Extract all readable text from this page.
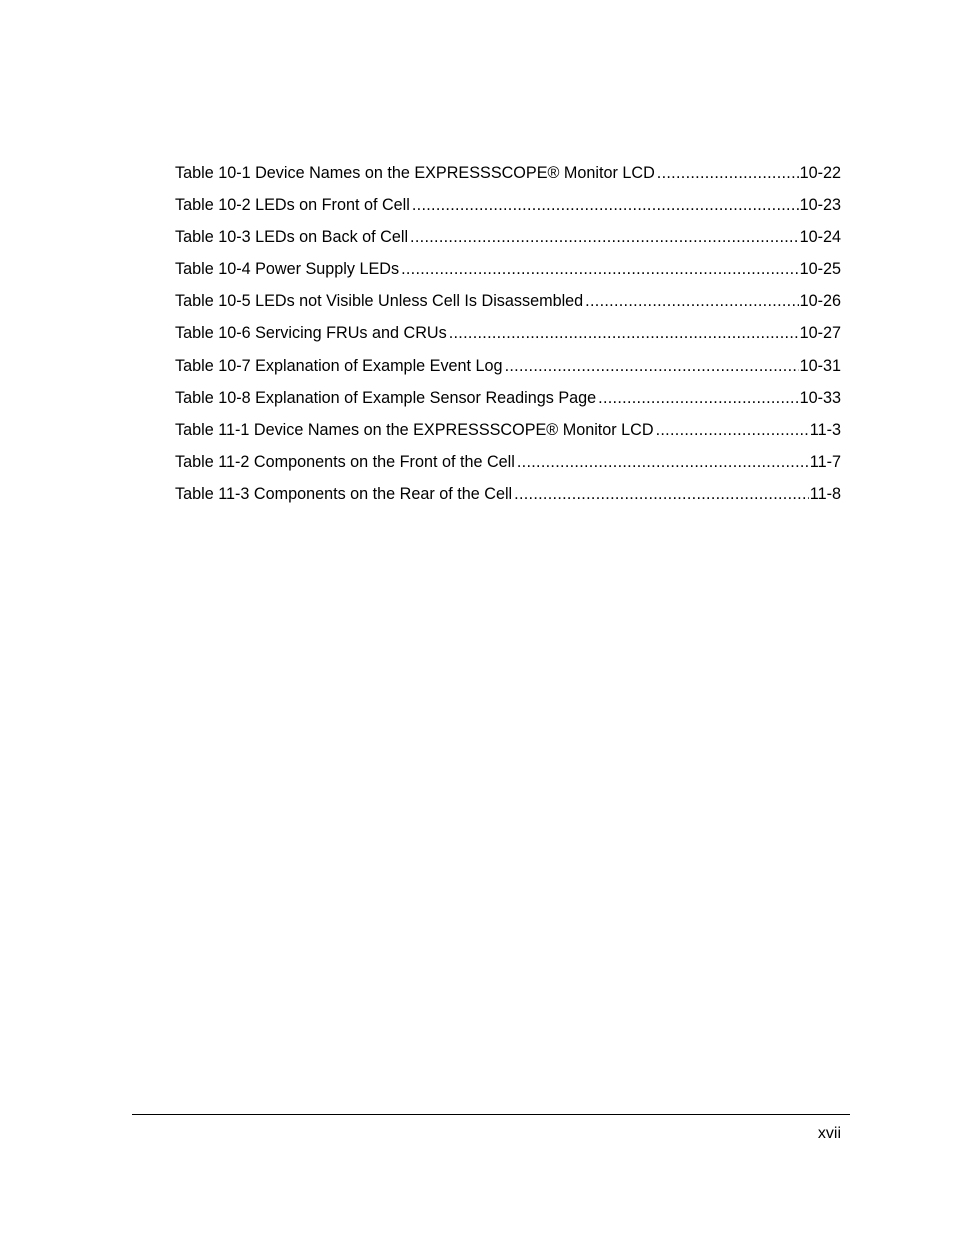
Table 10-1 Device Names on the EXPRESSSCOPE® Monitor LCD .....	10-22
Table 10-2 LEDs on Front of Cell .....	10-23
Table 10-3 LEDs on Back of Cell .....	10-24
Table 10-4 Power Supply LEDs .....	10-25
Table 10-5 LEDs not Visible Unless Cell Is Disassembled .....	10-26
Table 10-6 Servicing FRUs and CRUs .....	10-27
Table 10-7 Explanation of Example Event Log .....	10-31
Table 10-8 Explanation of Example Sensor Readings Page .....	10-33
Table 11-1 Device Names on the EXPRESSSCOPE® Monitor LCD .....	11-3
Table 11-2 Components on the Front of the Cell .....	11-7
Table 11-3 Components on the Rear of the Cell .....	11-8
xvii
